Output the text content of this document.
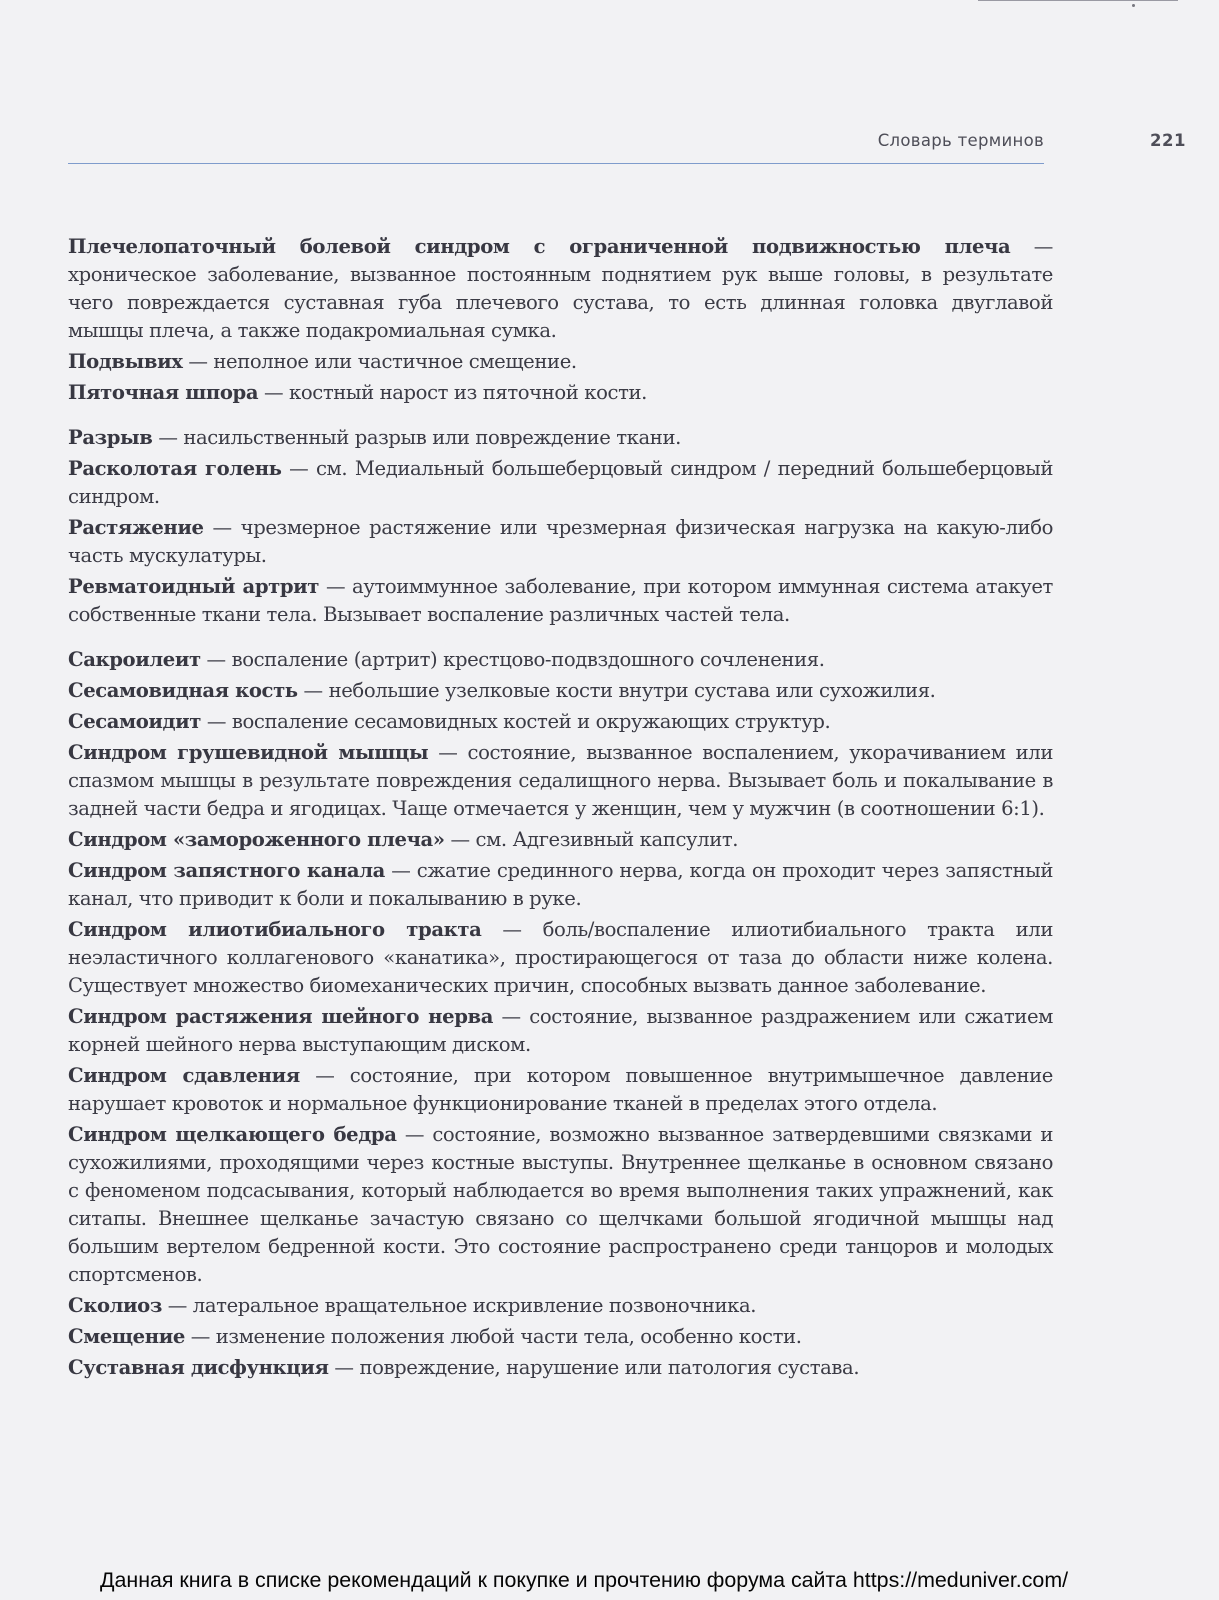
Словарь терминов	221

Плечелопаточный болевой синдром с ограниченной подвижностью плеча — хроническое заболевание, вызванное постоянным поднятием рук выше головы, в результате чего повреждается суставная губа плечевого сустава, то есть длинная головка двуглавой мышцы плеча, а также подакромиальная сумка.

Подвывих — неполное или частичное смещение.

Пяточная шпора — костный нарост из пяточной кости.

Разрыв — насильственный разрыв или повреждение ткани.

Расколотая голень — см. Медиальный большеберцовый синдром / передний большеберцовый синдром.

Растяжение — чрезмерное растяжение или чрезмерная физическая нагрузка на какую-либо часть мускулатуры.

Ревматоидный артрит — аутоиммунное заболевание, при котором иммунная система атакует собственные ткани тела. Вызывает воспаление различных частей тела.

Сакроилеит — воспаление (артрит) крестцово-подвздошного сочленения.

Сесамовидная кость — небольшие узелковые кости внутри сустава или сухожилия.

Сесамоидит — воспаление сесамовидных костей и окружающих структур.

Синдром грушевидной мышцы — состояние, вызванное воспалением, укорачиванием или спазмом мышцы в результате повреждения седалищного нерва. Вызывает боль и покалывание в задней части бедра и ягодицах. Чаще отмечается у женщин, чем у мужчин (в соотношении 6:1).

Синдром «замороженного плеча» — см. Адгезивный капсулит.

Синдром запястного канала — сжатие срединного нерва, когда он проходит через запястный канал, что приводит к боли и покалыванию в руке.

Синдром илиотибиального тракта — боль/воспаление илиотибиального тракта или неэластичного коллагенового «канатика», простирающегося от таза до области ниже колена. Существует множество биомеханических причин, способных вызвать данное заболевание.

Синдром растяжения шейного нерва — состояние, вызванное раздражением или сжатием корней шейного нерва выступающим диском.

Синдром сдавления — состояние, при котором повышенное внутримышечное давление нарушает кровоток и нормальное функционирование тканей в пределах этого отдела.

Синдром щелкающего бедра — состояние, возможно вызванное затвердевшими связками и сухожилиями, проходящими через костные выступы. Внутреннее щелканье в основном связано с феноменом подсасывания, который наблюдается во время выполнения таких упражнений, как ситапы. Внешнее щелканье зачастую связано со щелчками большой ягодичной мышцы над большим вертелом бедренной кости. Это состояние распространено среди танцоров и молодых спортсменов.

Сколиоз — латеральное вращательное искривление позвоночника.

Смещение — изменение положения любой части тела, особенно кости.

Суставная дисфункция — повреждение, нарушение или патология сустава.

Данная книга в списке рекомендаций к покупке и прочтению форума сайта https://meduniver.com/
